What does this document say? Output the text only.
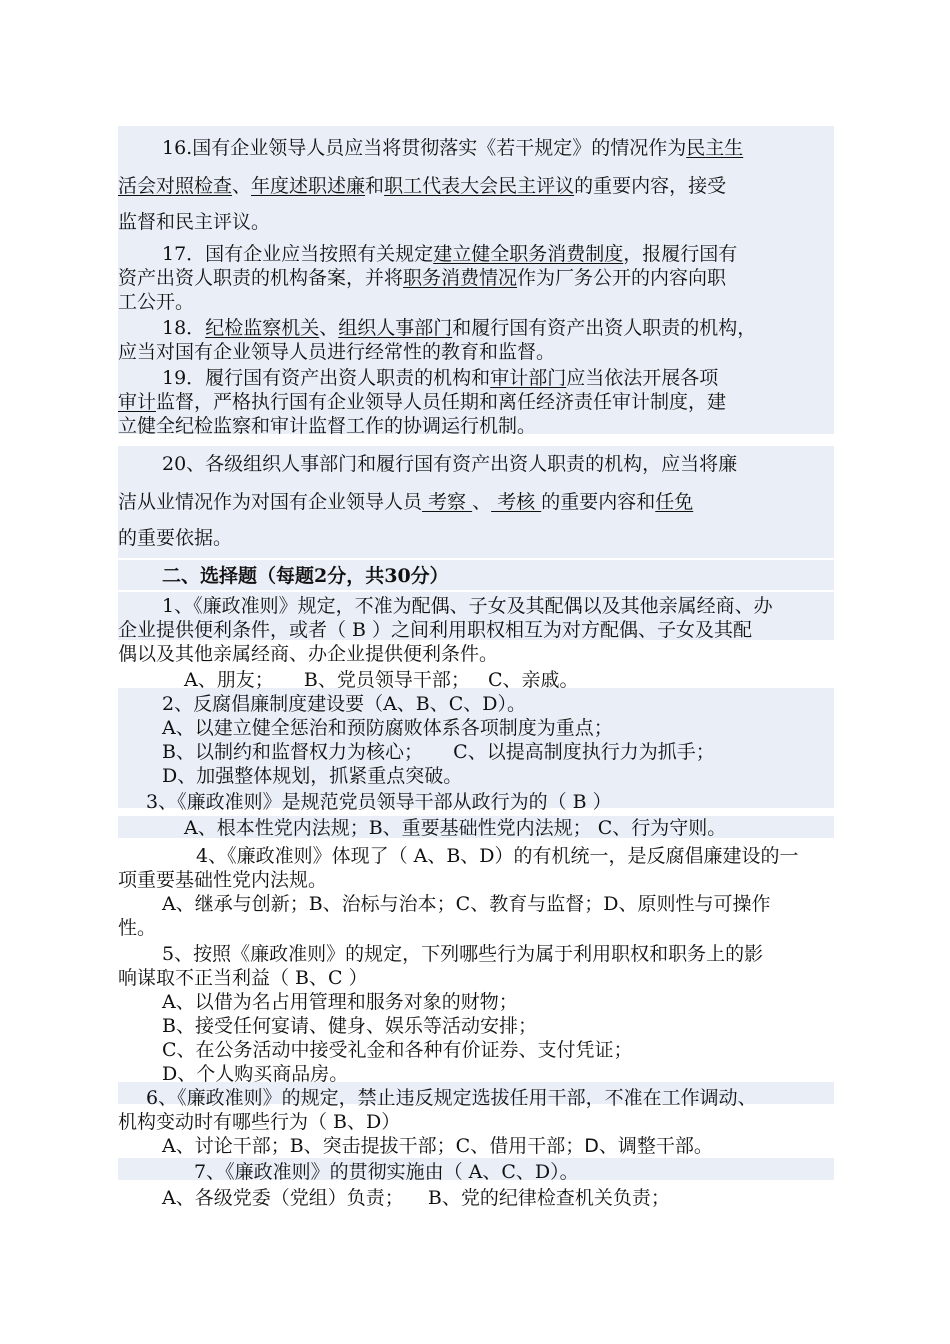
16.国有企业领导人员应当将贯彻落实《若干规定》的情况作为民主生
活会对照检查、年度述职述廉和职工代表大会民主评议的重要内容，接受
监督和民主评议。
17．国有企业应当按照有关规定建立健全职务消费制度，报履行国有
资产出资人职责的机构备案，并将职务消费情况作为厂务公开的内容向职
工公开。
18．纪检监察机关、组织人事部门和履行国有资产出资人职责的机构，
应当对国有企业领导人员进行经常性的教育和监督。
19．履行国有资产出资人职责的机构和审计部门应当依法开展各项
审计监督，严格执行国有企业领导人员任期和离任经济责任审计制度，建
立健全纪检监察和审计监督工作的协调运行机制。
20、各级组织人事部门和履行国有资产出资人职责的机构，应当将廉
洁从业情况作为对国有企业领导人员 考察 、 考核 的重要内容和任免
的重要依据。
二、选择题（每题2分，共30分）
1、《廉政准则》规定，不准为配偶、子女及其配偶以及其他亲属经商、办
企业提供便利条件，或者（ B ）之间利用职权相互为对方配偶、子女及其配
偶以及其他亲属经商、办企业提供便利条件。
A、朋友；     B、党员领导干部；   C、亲戚。
2、反腐倡廉制度建设要（A、B、C、D）。
A、以建立健全惩治和预防腐败体系各项制度为重点；
B、以制约和监督权力为核心；     C、以提高制度执行力为抓手；
D、加强整体规划，抓紧重点突破。
3、《廉政准则》是规范党员领导干部从政行为的（ B ）
A、根本性党内法规；B、重要基础性党内法规； C、行为守则。
4、《廉政准则》体现了（ A、B、D）的有机统一，是反腐倡廉建设的一
项重要基础性党内法规。
A、继承与创新；B、治标与治本；C、教育与监督；D、原则性与可操作
性。
5、按照《廉政准则》的规定，下列哪些行为属于利用职权和职务上的影
响谋取不正当利益（ B、C ）
A、以借为名占用管理和服务对象的财物；
B、接受任何宴请、健身、娱乐等活动安排；
C、在公务活动中接受礼金和各种有价证券、支付凭证；
D、个人购买商品房。
6、《廉政准则》的规定，禁止违反规定选拔任用干部，不准在工作调动、
机构变动时有哪些行为（ B、D）
A、讨论干部；B、突击提拔干部；C、借用干部；D、调整干部。
7、《廉政准则》的贯彻实施由（ A、C、D）。
A、各级党委（党组）负责；    B、党的纪律检查机关负责；
